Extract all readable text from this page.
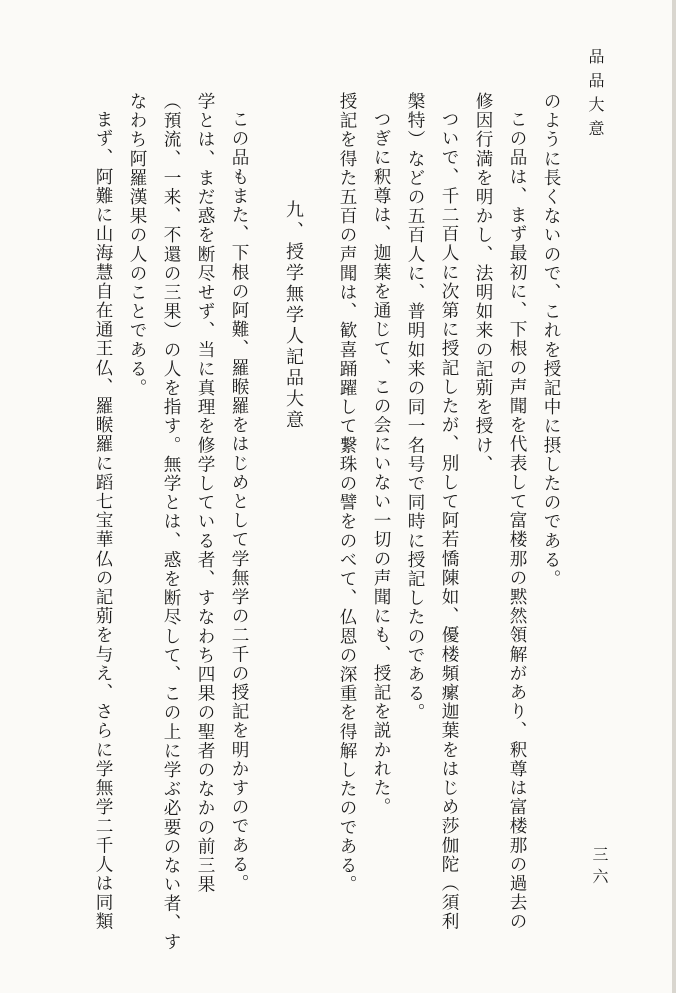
品品大意
三六
のように長くないので、これを授記中に摂したのである。
この品は、まず最初に、下根の声聞を代表して富楼那の黙然領解があり、釈尊は富楼那の過去の
修因行満を明かし、法明如来の記莂を授け、
ついで、千二百人に次第に授記したが、別して阿若憍陳如、優楼頻瘰迦葉をはじめ莎伽陀（須利
槃特）などの五百人に、普明如来の同一名号で同時に授記したのである。
つぎに釈尊は、迦葉を通じて、この会にいない一切の声聞にも、授記を説かれた。
授記を得た五百の声聞は、歓喜踊躍して繋珠の譬をのべて、仏恩の深重を得解したのである。
九、授学無学人記品大意
この品もまた、下根の阿難、羅睺羅をはじめとして学無学の二千の授記を明かすのである。
学とは、まだ惑を断尽せず、当に真理を修学している者、すなわち四果の聖者のなかの前三果
（預流、一来、不還の三果）の人を指す。無学とは、惑を断尽して、この上に学ぶ必要のない者、す
なわち阿羅漢果の人のことである。
まず、阿難に山海慧自在通王仏、羅睺羅に蹈七宝華仏の記莂を与え、さらに学無学二千人は同類
